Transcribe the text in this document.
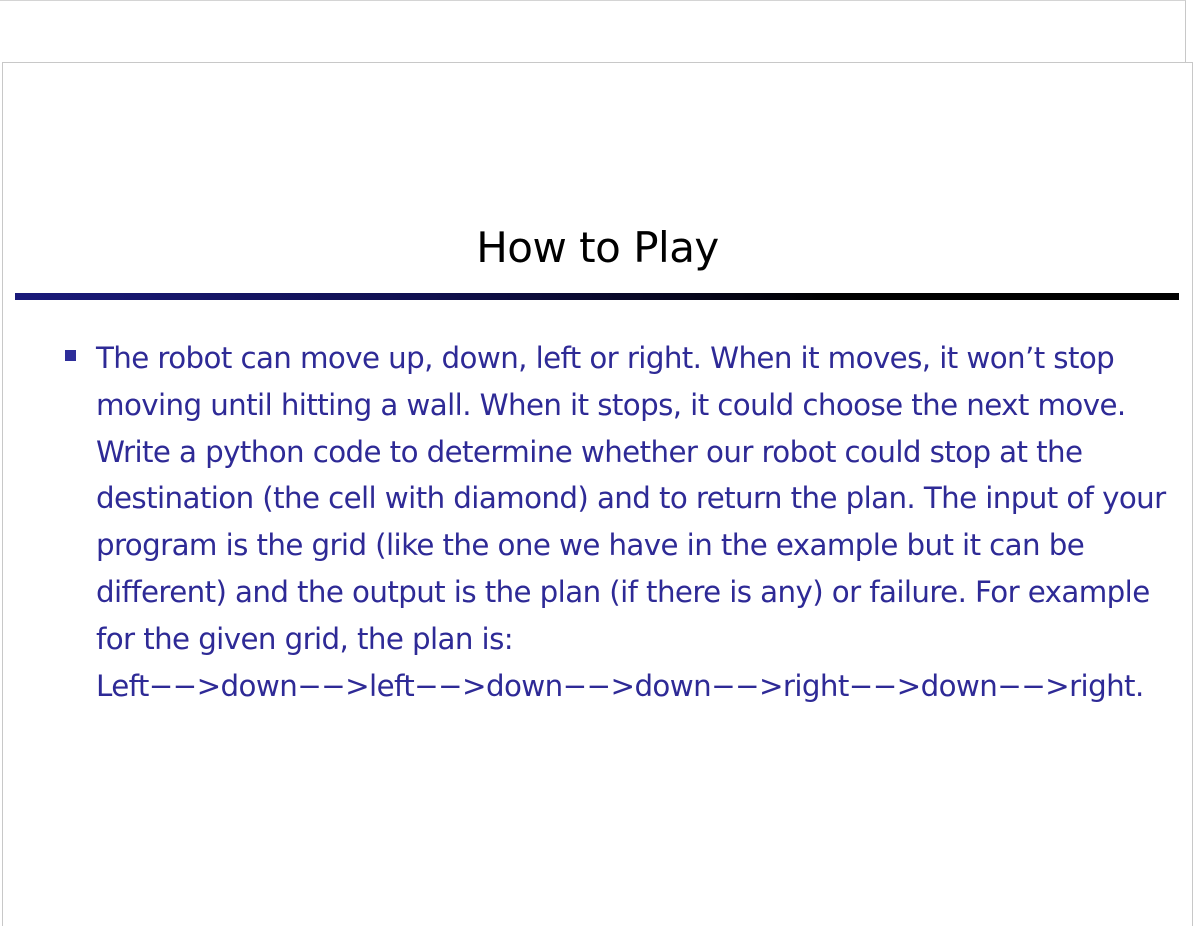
How to Play

The robot can move up, down, left or right. When it moves, it won’t stop moving until hitting a wall. When it stops, it could choose the next move. Write a python code to determine whether our robot could stop at the destination (the cell with diamond) and to return the plan. The input of your program is the grid (like the one we have in the example but it can be different) and the output is the plan (if there is any) or failure. For example for the given grid, the plan is:

Left−−>down−−>left−−>down−−>down−−>right−−>down−−>right.
